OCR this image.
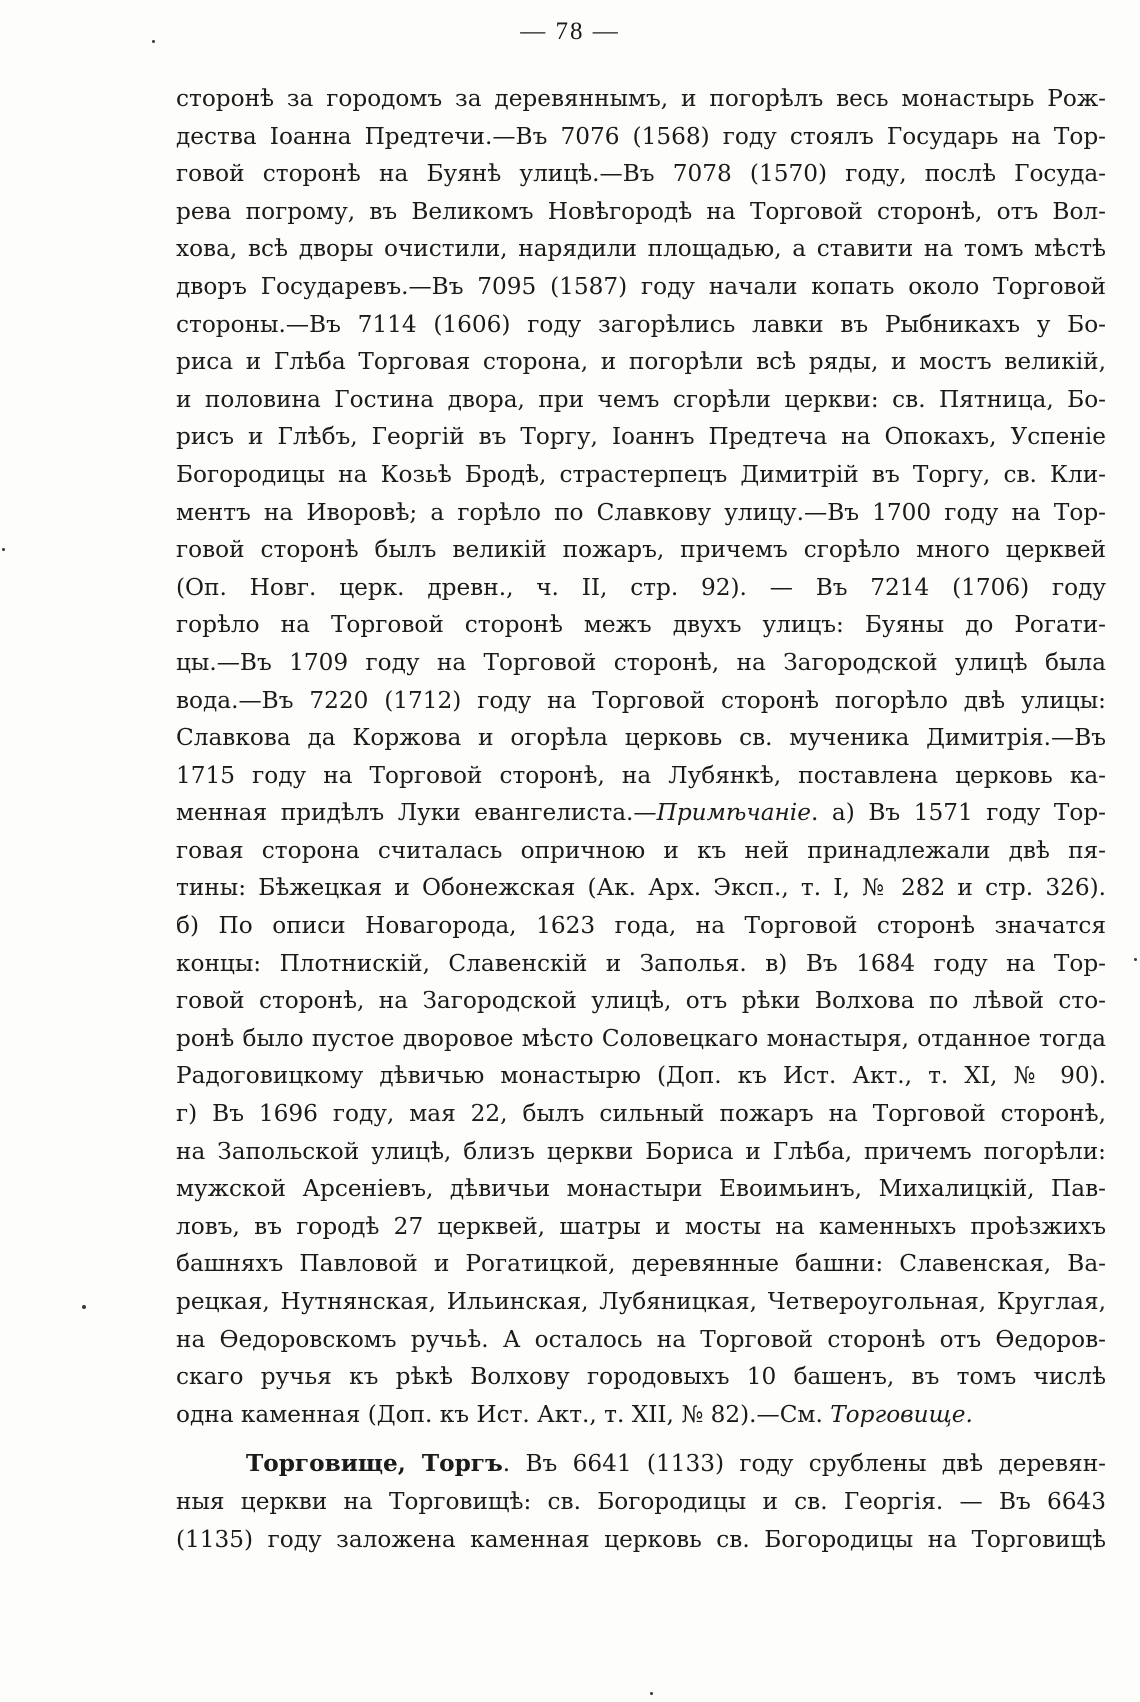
— 78 —
сторонѣ за городомъ за деревяннымъ, и погорѣлъ весь монастырь Рож-
дества Іоанна Предтечи.—Въ 7076 (1568) году стоялъ Государь на Тор-
говой сторонѣ на Буянѣ улицѣ.—Въ 7078 (1570) году, послѣ Госуда-
рева погрому, въ Великомъ Новѣгородѣ на Торговой сторонѣ, отъ Вол-
хова, всѣ дворы очистили, нарядили площадью, а ставити на томъ мѣстѣ
дворъ Государевъ.—Въ 7095 (1587) году начали копать около Торговой
стороны.—Въ 7114 (1606) году загорѣлись лавки въ Рыбникахъ у Бо-
риса и Глѣба Торговая сторона, и погорѣли всѣ ряды, и мостъ великій,
и половина Гостина двора, при чемъ сгорѣли церкви: св. Пятница, Бо-
рисъ и Глѣбъ, Георгій въ Торгу, Іоаннъ Предтеча на Опокахъ, Успеніе
Богородицы на Козьѣ Бродѣ, страстерпецъ Димитрій въ Торгу, св. Кли-
ментъ на Иворовѣ; а горѣло по Славкову улицу.—Въ 1700 году на Тор-
говой сторонѣ былъ великій пожаръ, причемъ сгорѣло много церквей
(Оп. Новг. церк. древн., ч. II, стр. 92). — Въ 7214 (1706) году
горѣло на Торговой сторонѣ межъ двухъ улицъ: Буяны до Рогати-
цы.—Въ 1709 году на Торговой сторонѣ, на Загородской улицѣ была
вода.—Въ 7220 (1712) году на Торговой сторонѣ погорѣло двѣ улицы:
Славкова да Коржова и огорѣла церковь св. мученика Димитрія.—Въ
1715 году на Торговой сторонѣ, на Лубянкѣ, поставлена церковь ка-
менная придѣлъ Луки евангелиста.—Примѣчаніе. а) Въ 1571 году Тор-
говая сторона считалась опричною и къ ней принадлежали двѣ пя-
тины: Бѣжецкая и Обонежская (Ак. Арх. Эксп., т. I, № 282 и стр. 326).
б) По описи Новагорода, 1623 года, на Торговой сторонѣ значатся
концы: Плотнискій, Славенскій и Заполья. в) Въ 1684 году на Тор-
говой сторонѣ, на Загородской улицѣ, отъ рѣки Волхова по лѣвой сто-
ронѣ было пустое дворовое мѣсто Соловецкаго монастыря, отданное тогда
Радоговицкому дѣвичью монастырю (Доп. къ Ист. Акт., т. XI, № 90).
г) Въ 1696 году, мая 22, былъ сильный пожаръ на Торговой сторонѣ,
на Запольской улицѣ, близъ церкви Бориса и Глѣба, причемъ погорѣли:
мужской Арсеніевъ, дѣвичьи монастыри Евоимьинъ, Михалицкій, Пав-
ловъ, въ городѣ 27 церквей, шатры и мосты на каменныхъ проѣзжихъ
башняхъ Павловой и Рогатицкой, деревянные башни: Славенская, Ва-
рецкая, Нутнянская, Ильинская, Лубяницкая, Четвероугольная, Круглая,
на Ѳедоровскомъ ручьѣ. А осталось на Торговой сторонѣ отъ Ѳедоров-
скаго ручья къ рѣкѣ Волхову городовыхъ 10 башенъ, въ томъ числѣ
одна каменная (Доп. къ Ист. Акт., т. XII, № 82).—См. Торговище.
Торговище, Торгъ. Въ 6641 (1133) году срублены двѣ деревян-
ныя церкви на Торговищѣ: св. Богородицы и св. Георгія. — Въ 6643
(1135) году заложена каменная церковь св. Богородицы на Торговищѣ
